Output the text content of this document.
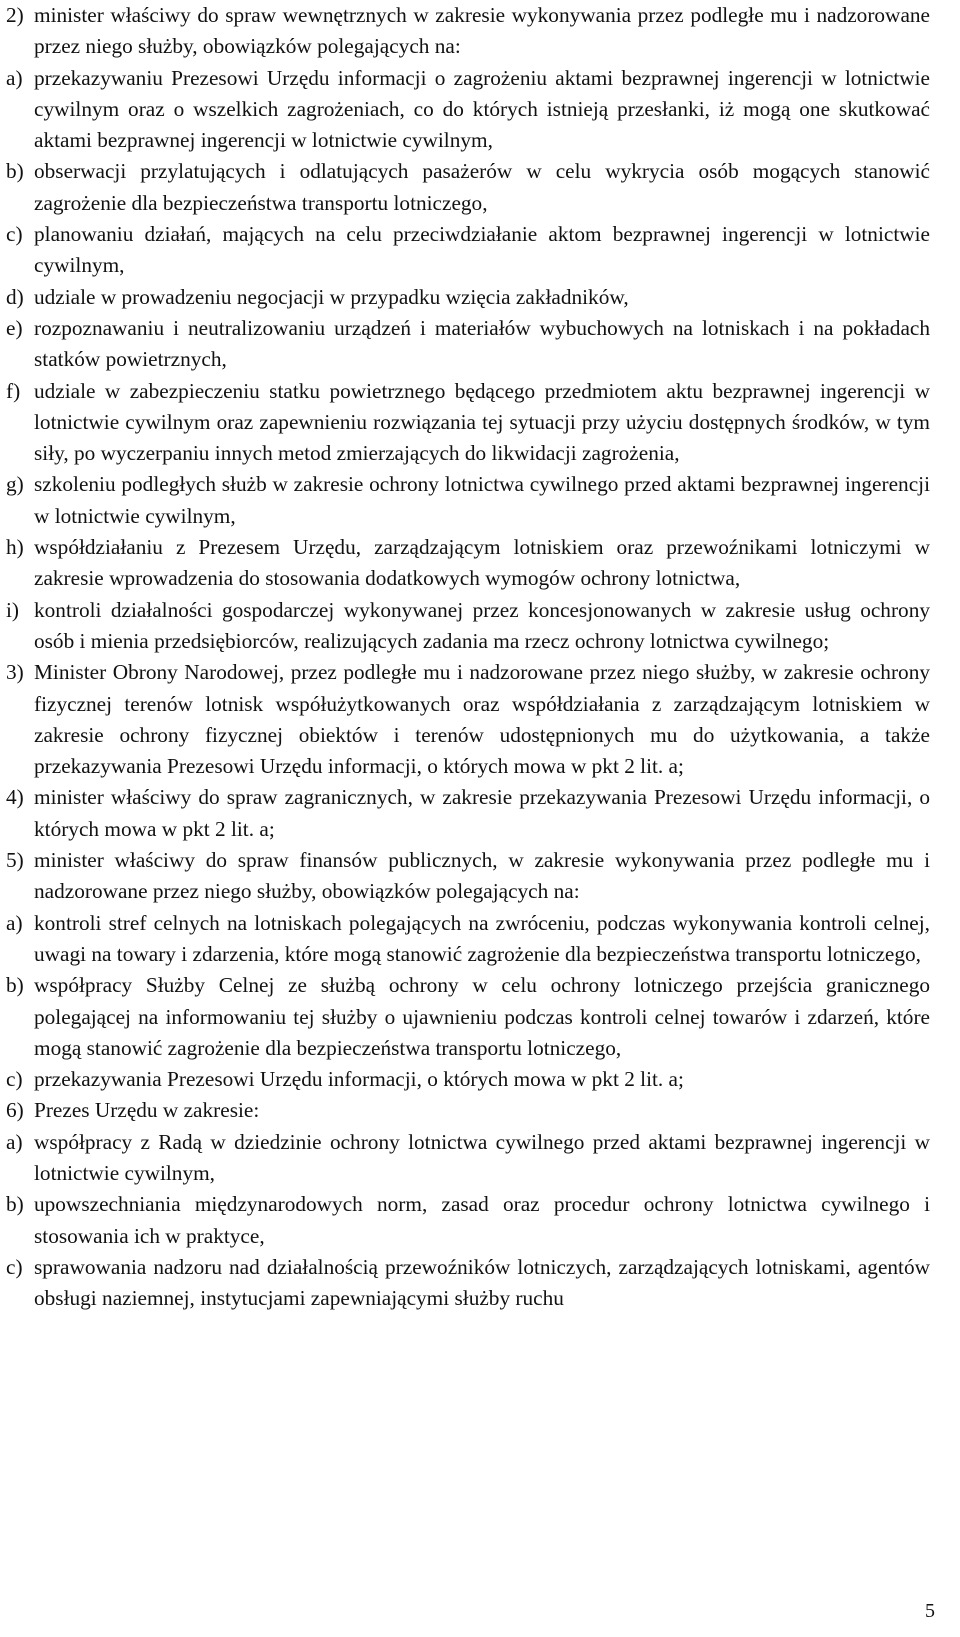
2) minister właściwy do spraw wewnętrznych w zakresie wykonywania przez podległe mu i nadzorowane przez niego służby, obowiązków polegających na:
a) przekazywaniu Prezesowi Urzędu informacji o zagrożeniu aktami bezprawnej ingerencji w lotnictwie cywilnym oraz o wszelkich zagrożeniach, co do których istnieją przesłanki, iż mogą one skutkować aktami bezprawnej ingerencji w lotnictwie cywilnym,
b) obserwacji przylatujących i odlatujących pasażerów w celu wykrycia osób mogących stanowić zagrożenie dla bezpieczeństwa transportu lotniczego,
c) planowaniu działań, mających na celu przeciwdziałanie aktom bezprawnej ingerencji w lotnictwie cywilnym,
d) udziale w prowadzeniu negocjacji w przypadku wzięcia zakładników,
e) rozpoznawaniu i neutralizowaniu urządzeń i materiałów wybuchowych na lotniskach i na pokładach statków powietrznych,
f) udziale w zabezpieczeniu statku powietrznego będącego przedmiotem aktu bezprawnej ingerencji w lotnictwie cywilnym oraz zapewnieniu rozwiązania tej sytuacji przy użyciu dostępnych środków, w tym siły, po wyczerpaniu innych metod zmierzających do likwidacji zagrożenia,
g) szkoleniu podległych służb w zakresie ochrony lotnictwa cywilnego przed aktami bezprawnej ingerencji w lotnictwie cywilnym,
h) współdziałaniu z Prezesem Urzędu, zarządzającym lotniskiem oraz przewoźnikami lotniczymi w zakresie wprowadzenia do stosowania dodatkowych wymogów ochrony lotnictwa,
i) kontroli działalności gospodarczej wykonywanej przez koncesjonowanych w zakresie usług ochrony osób i mienia przedsiębiorców, realizujących zadania ma rzecz ochrony lotnictwa cywilnego;
3) Minister Obrony Narodowej, przez podległe mu i nadzorowane przez niego służby, w zakresie ochrony fizycznej terenów lotnisk współużytkowanych oraz współdziałania z zarządzającym lotniskiem w zakresie ochrony fizycznej obiektów i terenów udostępnionych mu do użytkowania, a także przekazywania Prezesowi Urzędu informacji, o których mowa w pkt 2 lit. a;
4) minister właściwy do spraw zagranicznych, w zakresie przekazywania Prezesowi Urzędu informacji, o których mowa w pkt 2 lit. a;
5) minister właściwy do spraw finansów publicznych, w zakresie wykonywania przez podległe mu i nadzorowane przez niego służby, obowiązków polegających na:
a) kontroli stref celnych na lotniskach polegających na zwróceniu, podczas wykonywania kontroli celnej, uwagi na towary i zdarzenia, które mogą stanowić zagrożenie dla bezpieczeństwa transportu lotniczego,
b) współpracy Służby Celnej ze służbą ochrony w celu ochrony lotniczego przejścia granicznego polegającej na informowaniu tej służby o ujawnieniu podczas kontroli celnej towarów i zdarzeń, które mogą stanowić zagrożenie dla bezpieczeństwa transportu lotniczego,
c) przekazywania Prezesowi Urzędu informacji, o których mowa w pkt 2 lit. a;
6) Prezes Urzędu w zakresie:
a) współpracy z Radą w dziedzinie ochrony lotnictwa cywilnego przed aktami bezprawnej ingerencji w lotnictwie cywilnym,
b) upowszechniania międzynarodowych norm, zasad oraz procedur ochrony lotnictwa cywilnego i stosowania ich w praktyce,
c) sprawowania nadzoru nad działalnością przewoźników lotniczych, zarządzających lotniskami, agentów obsługi naziemnej, instytucjami zapewniającymi służby ruchu
5
